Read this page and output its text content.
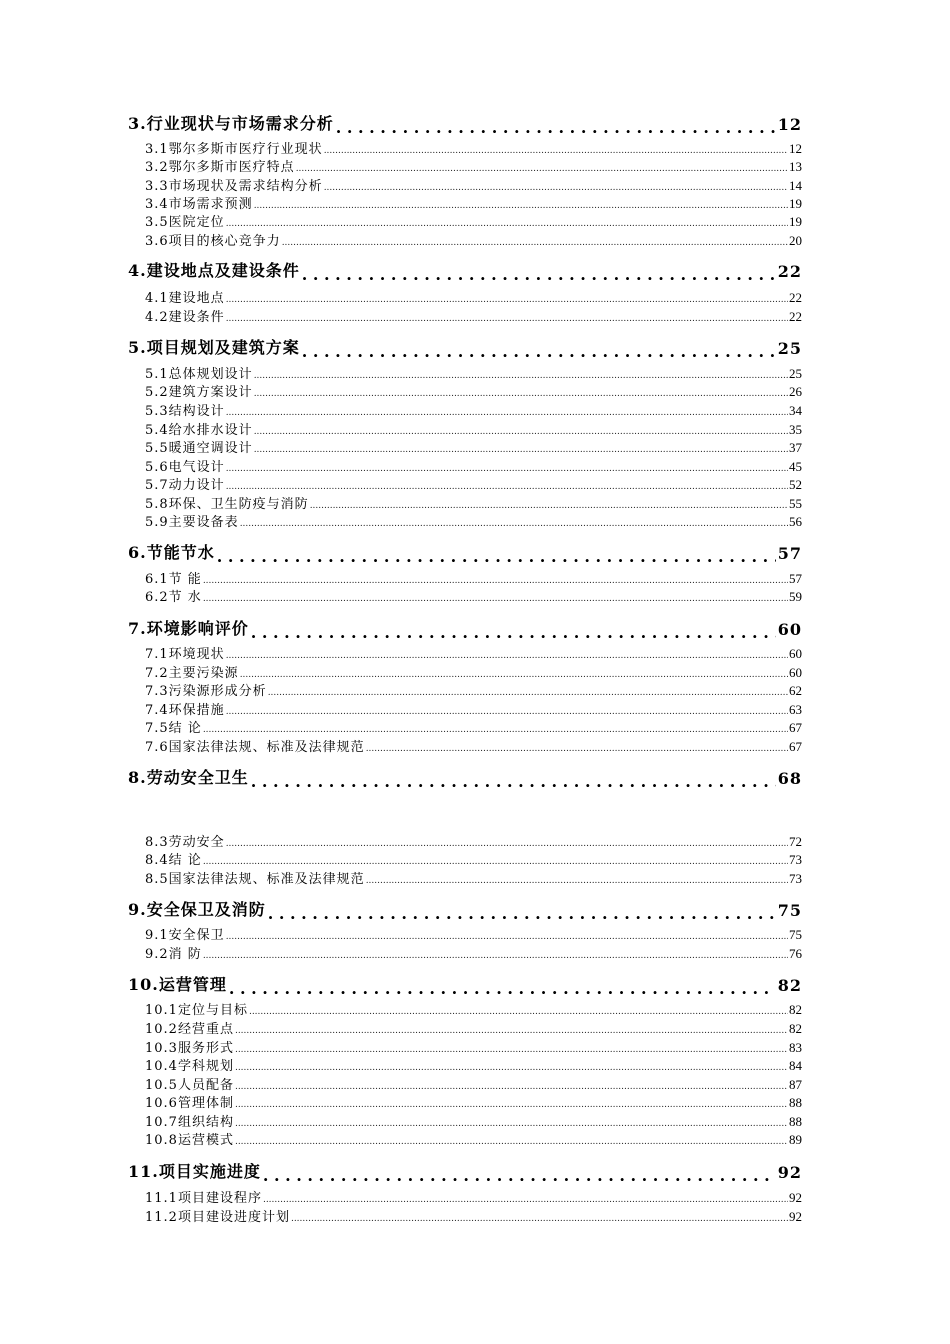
3.行业现状与市场需求分析 . . .	12
3.1鄂尔多斯市医疗行业现状 .....	12
3.2鄂尔多斯市医疗特点 .....	13
3.3市场现状及需求结构分析 .....	14
3.4市场需求预测 .....	19
3.5医院定位 .....	19
3.6项目的核心竞争力 .....	20
4.建设地点及建设条件 . . .	22
4.1建设地点 .....	22
4.2建设条件 .....	22
5.项目规划及建筑方案 . . .	25
5.1总体规划设计 .....	25
5.2建筑方案设计 .....	26
5.3结构设计 .....	34
5.4给水排水设计 .....	35
5.5暖通空调设计 .....	37
5.6电气设计 .....	45
5.7动力设计 .....	52
5.8环保、卫生防疫与消防 .....	55
5.9主要设备表 .....	56
6.节能节水 . . .	57
6.1节 能 .....	57
6.2节 水 .....	59
7.环境影响评价 . . .	60
7.1环境现状 .....	60
7.2主要污染源 .....	60
7.3污染源形成分析 .....	62
7.4环保措施 .....	63
7.5结 论 .....	67
7.6国家法律法规、标准及法律规范 .....	67
8.劳动安全卫生 . . .	68
8.3劳动安全 .....	72
8.4结 论 .....	73
8.5国家法律法规、标准及法律规范 .....	73
9.安全保卫及消防 . . .	75
9.1安全保卫 .....	75
9.2消 防 .....	76
10.运营管理 . . .	82
10.1定位与目标 .....	82
10.2经营重点 .....	82
10.3服务形式 .....	83
10.4学科规划 .....	84
10.5人员配备 .....	87
10.6管理体制 .....	88
10.7组织结构 .....	88
10.8运营模式 .....	89
11.项目实施进度 . . .	92
11.1项目建设程序 .....	92
11.2项目建设进度计划 .....	92
